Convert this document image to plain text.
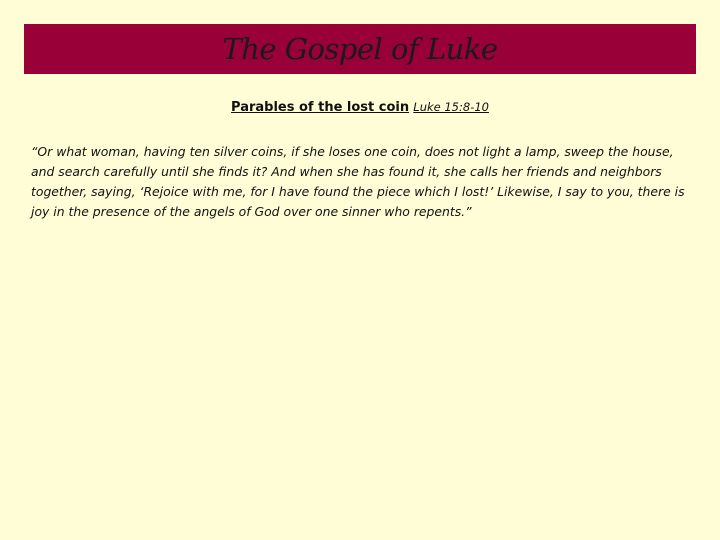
The Gospel of Luke
Parables of the lost coin Luke 15:8-10

“Or what woman, having ten silver coins, if she loses one coin, does not light a lamp, sweep the house, and search carefully until she finds it? And when she has found it, she calls her friends and neighbors together, saying, ‘Rejoice with me, for I have found the piece which I lost!’ Likewise, I say to you, there is joy in the presence of the angels of God over one sinner who repents.”
